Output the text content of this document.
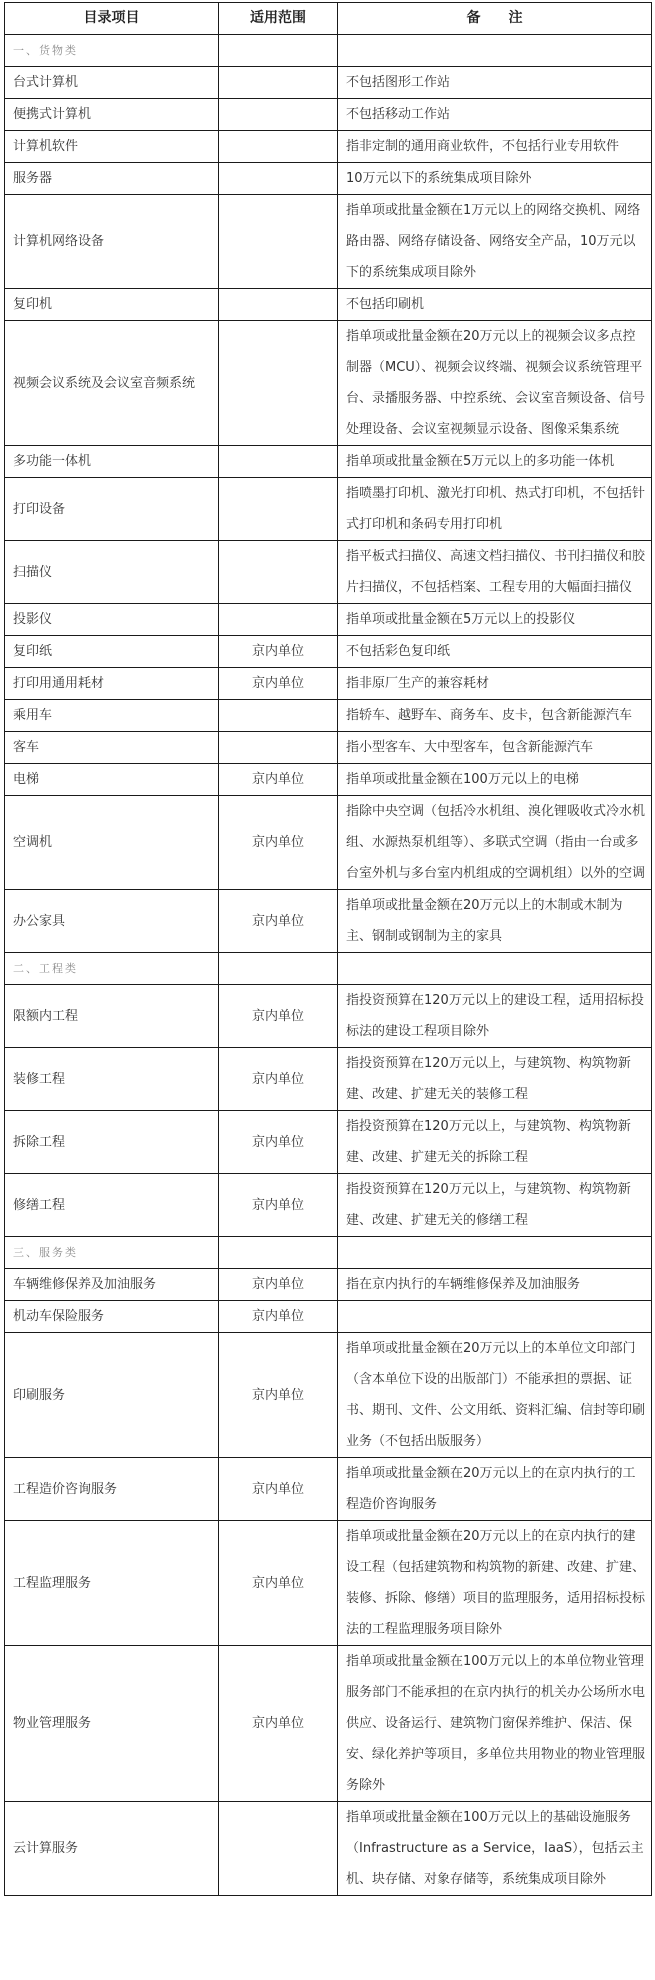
目录项目	适用范围	备　　注
一、货物类		
台式计算机		不包括图形工作站
便携式计算机		不包括移动工作站
计算机软件		指非定制的通用商业软件，不包括行业专用软件
服务器		10万元以下的系统集成项目除外
计算机网络设备		指单项或批量金额在1万元以上的网络交换机、网络路由器、网络存储设备、网络安全产品，10万元以下的系统集成项目除外
复印机		不包括印刷机
视频会议系统及会议室音频系统		指单项或批量金额在20万元以上的视频会议多点控制器（MCU）、视频会议终端、视频会议系统管理平台、录播服务器、中控系统、会议室音频设备、信号处理设备、会议室视频显示设备、图像采集系统
多功能一体机		指单项或批量金额在5万元以上的多功能一体机
打印设备		指喷墨打印机、激光打印机、热式打印机，不包括针式打印机和条码专用打印机
扫描仪		指平板式扫描仪、高速文档扫描仪、书刊扫描仪和胶片扫描仪，不包括档案、工程专用的大幅面扫描仪
投影仪		指单项或批量金额在5万元以上的投影仪
复印纸	京内单位	不包括彩色复印纸
打印用通用耗材	京内单位	指非原厂生产的兼容耗材
乘用车		指轿车、越野车、商务车、皮卡，包含新能源汽车
客车		指小型客车、大中型客车，包含新能源汽车
电梯	京内单位	指单项或批量金额在100万元以上的电梯
空调机	京内单位	指除中央空调（包括冷水机组、溴化锂吸收式冷水机组、水源热泵机组等）、多联式空调（指由一台或多台室外机与多台室内机组成的空调机组）以外的空调
办公家具	京内单位	指单项或批量金额在20万元以上的木制或木制为主、钢制或钢制为主的家具
二、工程类		
限额内工程	京内单位	指投资预算在120万元以上的建设工程，适用招标投标法的建设工程项目除外
装修工程	京内单位	指投资预算在120万元以上，与建筑物、构筑物新建、改建、扩建无关的装修工程
拆除工程	京内单位	指投资预算在120万元以上，与建筑物、构筑物新建、改建、扩建无关的拆除工程
修缮工程	京内单位	指投资预算在120万元以上，与建筑物、构筑物新建、改建、扩建无关的修缮工程
三、服务类		
车辆维修保养及加油服务	京内单位	指在京内执行的车辆维修保养及加油服务
机动车保险服务	京内单位	
印刷服务	京内单位	指单项或批量金额在20万元以上的本单位文印部门（含本单位下设的出版部门）不能承担的票据、证书、期刊、文件、公文用纸、资料汇编、信封等印刷业务（不包括出版服务）
工程造价咨询服务	京内单位	指单项或批量金额在20万元以上的在京内执行的工程造价咨询服务
工程监理服务	京内单位	指单项或批量金额在20万元以上的在京内执行的建设工程（包括建筑物和构筑物的新建、改建、扩建、装修、拆除、修缮）项目的监理服务，适用招标投标法的工程监理服务项目除外
物业管理服务	京内单位	指单项或批量金额在100万元以上的本单位物业管理服务部门不能承担的在京内执行的机关办公场所水电供应、设备运行、建筑物门窗保养维护、保洁、保安、绿化养护等项目，多单位共用物业的物业管理服务除外
云计算服务		指单项或批量金额在100万元以上的基础设施服务（Infrastructure as a Service，IaaS），包括云主机、块存储、对象存储等，系统集成项目除外
